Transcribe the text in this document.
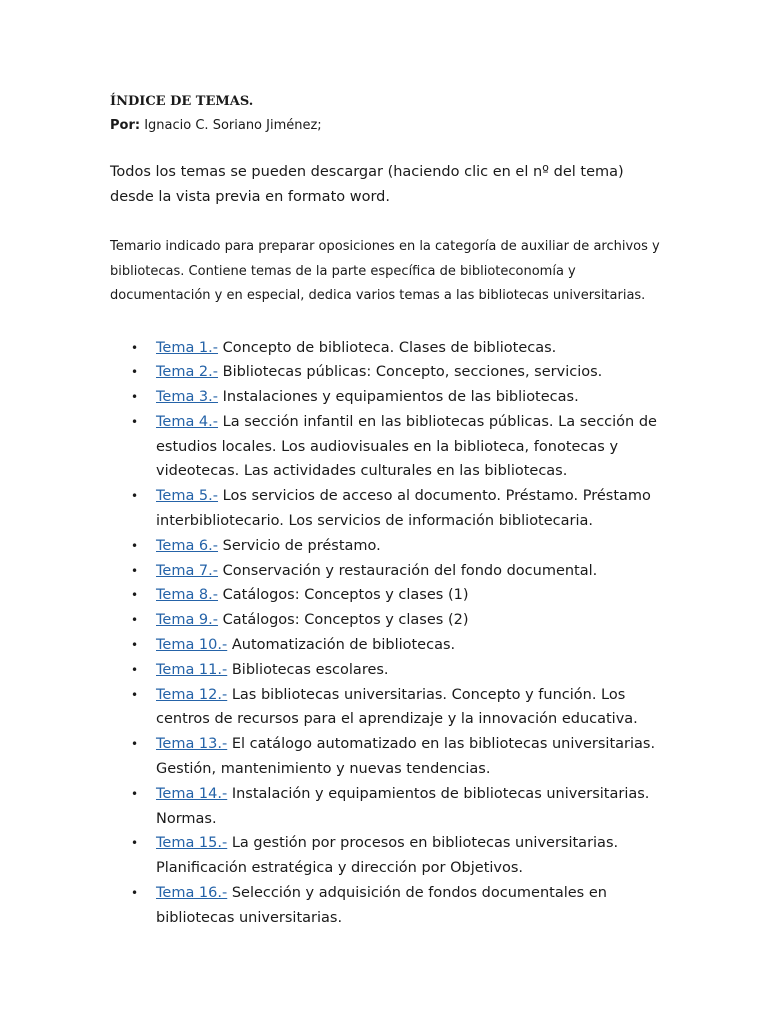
ÍNDICE DE TEMAS.

Por: Ignacio C. Soriano Jiménez;

Todos los temas se pueden descargar (haciendo clic en el nº del tema) desde la vista previa en formato word.

Temario indicado para preparar oposiciones en la categoría de auxiliar de archivos y bibliotecas. Contiene temas de la parte específica de biblioteconomía y documentación y en especial, dedica varios temas a las bibliotecas universitarias.

• Tema 1.- Concepto de biblioteca. Clases de bibliotecas.
• Tema 2.- Bibliotecas públicas: Concepto, secciones, servicios.
• Tema 3.- Instalaciones y equipamientos de las bibliotecas.
• Tema 4.- La sección infantil en las bibliotecas públicas. La sección de estudios locales. Los audiovisuales en la biblioteca, fonotecas y videotecas. Las actividades culturales en las bibliotecas.
• Tema 5.- Los servicios de acceso al documento. Préstamo. Préstamo interbibliotecario. Los servicios de información bibliotecaria.
• Tema 6.- Servicio de préstamo.
• Tema 7.- Conservación y restauración del fondo documental.
• Tema 8.- Catálogos: Conceptos y clases (1)
• Tema 9.- Catálogos: Conceptos y clases (2)
• Tema 10.- Automatización de bibliotecas.
• Tema 11.- Bibliotecas escolares.
• Tema 12.- Las bibliotecas universitarias. Concepto y función. Los centros de recursos para el aprendizaje y la innovación educativa.
• Tema 13.- El catálogo automatizado en las bibliotecas universitarias. Gestión, mantenimiento y nuevas tendencias.
• Tema 14.- Instalación y equipamientos de bibliotecas universitarias. Normas.
• Tema 15.- La gestión por procesos en bibliotecas universitarias. Planificación estratégica y dirección por Objetivos.
• Tema 16.- Selección y adquisición de fondos documentales en bibliotecas universitarias.
